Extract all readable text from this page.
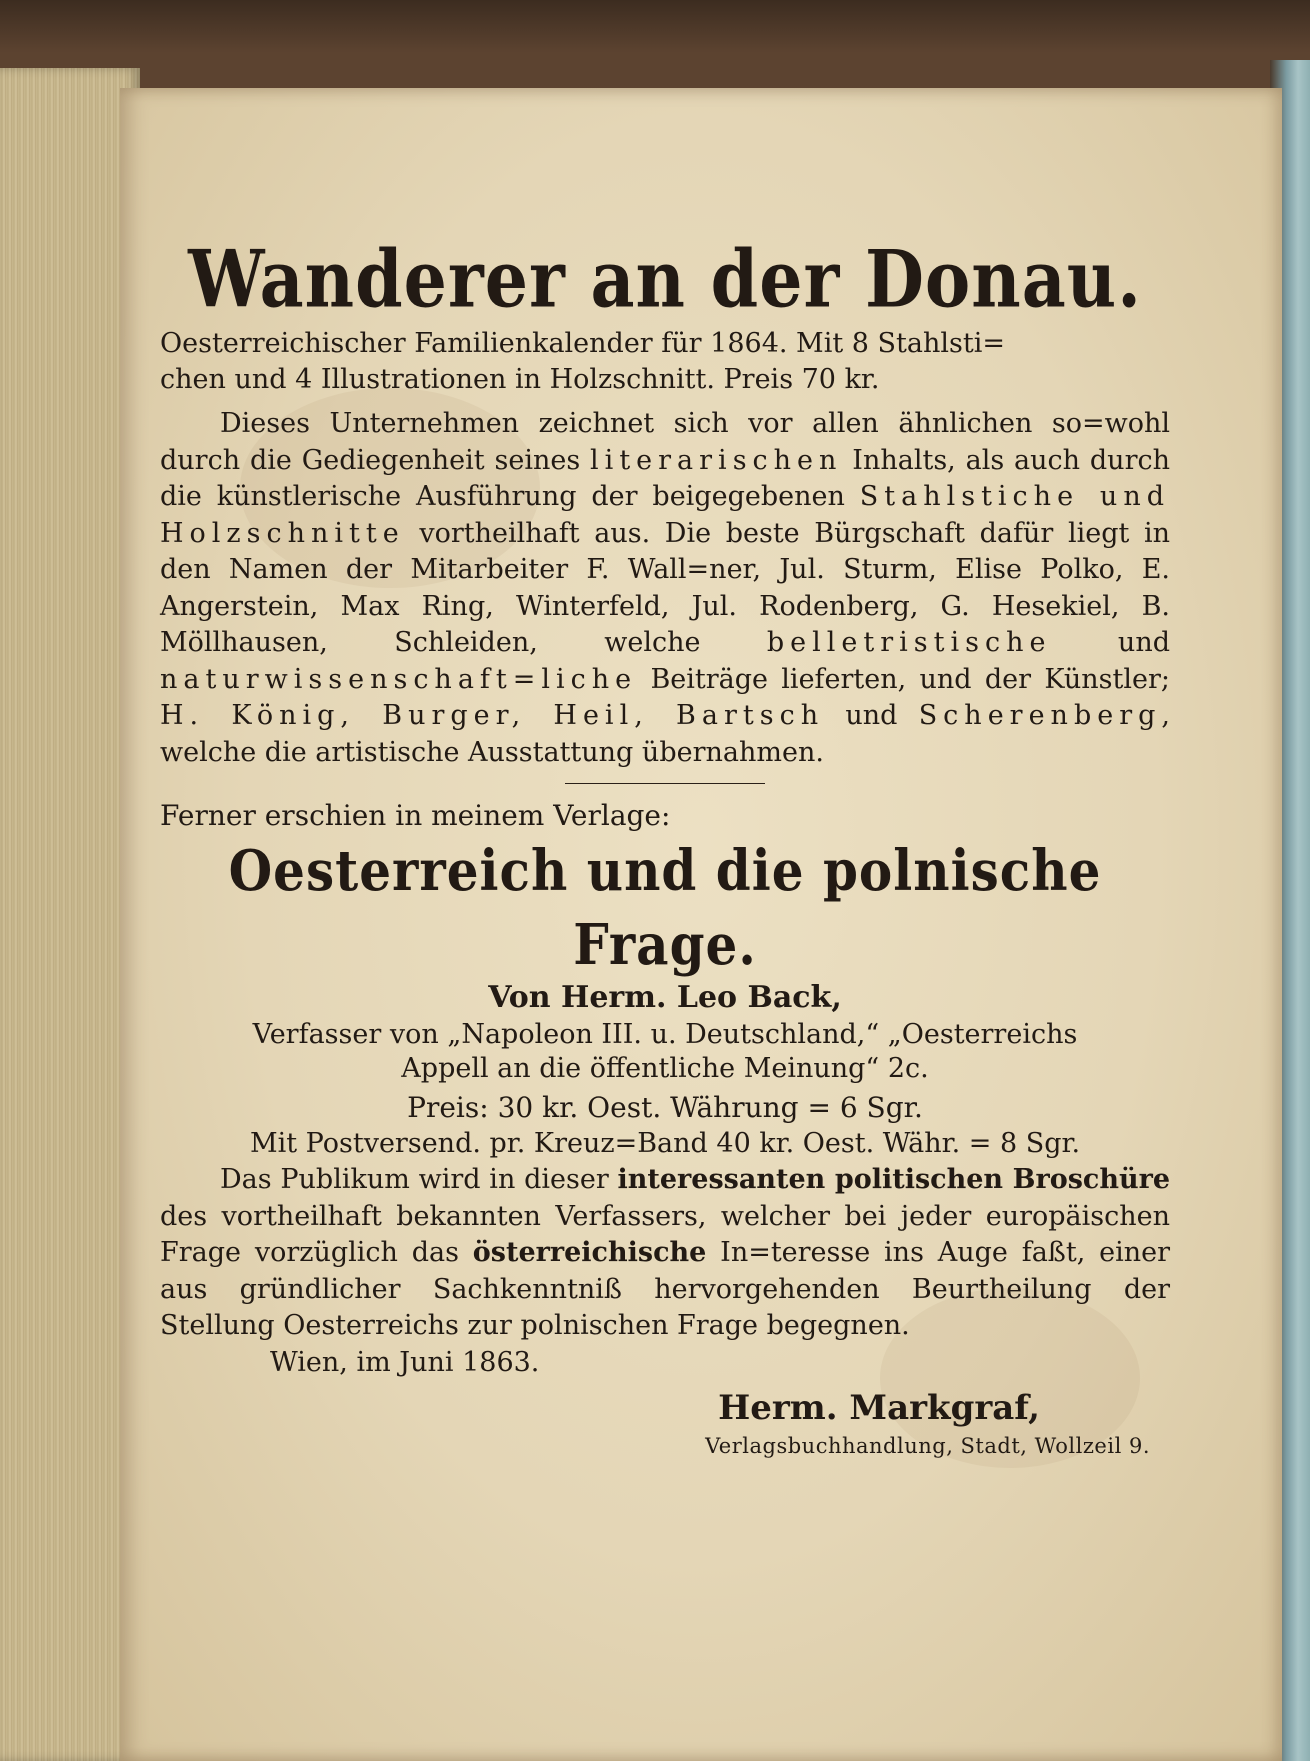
Wanderer an der Donau.

Oesterreichischer Familienkalender für 1864. Mit 8 Stahlsti=

chen und 4 Illustrationen in Holzschnitt. Preis 70 kr.

Dieses Unternehmen zeichnet sich vor allen ähnlichen so=wohl durch die Gediegenheit seines literarischen Inhalts, als auch durch die künstlerische Ausführung der beigegebenen Stahlstiche und Holzschnitte vortheilhaft aus. Die beste Bürgschaft dafür liegt in den Namen der Mitarbeiter F. Wall=ner, Jul. Sturm, Elise Polko, E. Angerstein, Max Ring, Winterfeld, Jul. Rodenberg, G. Hesekiel, B. Möllhausen, Schleiden, welche belletristische und naturwissenschaft=liche Beiträge lieferten, und der Künstler; H. König, Burger, Heil, Bartsch und Scherenberg, welche die artistische Ausstattung übernahmen.

Ferner erschien in meinem Verlage:

Oesterreich und die polnische Frage.

Von Herm. Leo Back,

Verfasser von „Napoleon III. u. Deutschland,“ „Oesterreichs
Appell an die öffentliche Meinung“ 2c.

Preis: 30 kr. Oest. Währung = 6 Sgr.

Mit Postversend. pr. Kreuz=Band 40 kr. Oest. Währ. = 8 Sgr.

Das Publikum wird in dieser interessanten politischen Broschüre des vortheilhaft bekannten Verfassers, welcher bei jeder europäischen Frage vorzüglich das österreichische In=teresse ins Auge faßt, einer aus gründlicher Sachkenntniß hervorgehenden Beurtheilung der Stellung Oesterreichs zur polnischen Frage begegnen.

Wien, im Juni 1863.

Herm. Markgraf,

Verlagsbuchhandlung, Stadt, Wollzeil 9.
